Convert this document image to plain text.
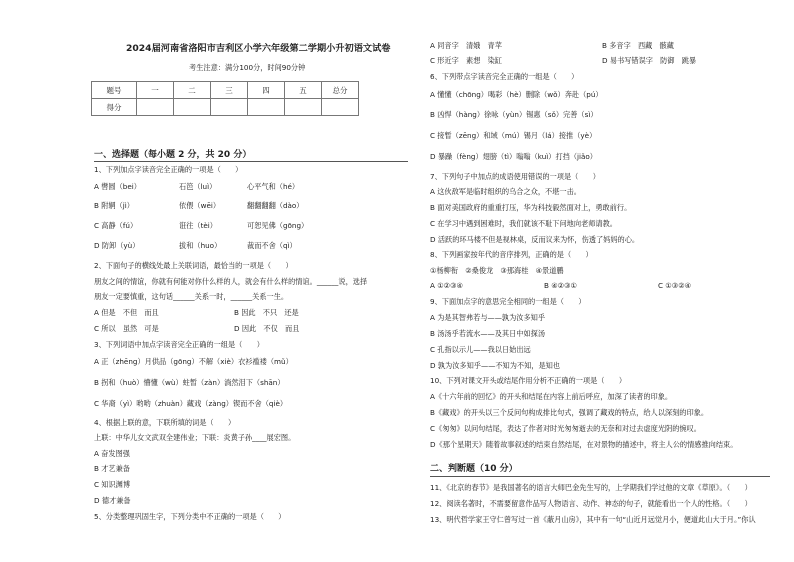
2024届河南省洛阳市吉利区小学六年级第二学期小升初语文试卷
考生注意：满分100分，时间90分钟
一、选择题（每小题 2 分，共 20 分）
1、下列加点字读音完全正确的一项是（　　）
A 辔圆（bei）	石笆（luì）	心平气和（hé）
B 附辋（jì）	依偎（wēi）	翻翻翻翻（dào）
C 高静（fú）	诳往（tèi）	可恕见佛（gōng）
D 防卸（yù）	拔和（huo）	裁而不舍（qì）
2、下面句子的横线处最上关联词语，最恰当的一项是（　　）
朋友之间的情谊，你就有何能对你什么样的人，就会有什么样的情谊。______说，选择
朋友一定要慎重，这句话______关系一时，______关系一生。
A 但是　不但　而且	B 因此　不只　还是
C 所以　虽然　可是	D 因此　不仅　而且
3、下列词语中加点字读音完全正确的一组是（　　）
A 正（zhēng）月供品（gōng）不解（xiè）衣衫褴褛（mǔ）
B 拐和（huò）懵懂（wù）蛀暂（zàn）淌然泪下（shān）
C 华裔（yì）哟哟（zhuàn）藏戏（zàng）锲而不舍（qiè）
4、根据上联的意，下联所填的词是（　　）
上联：中华儿女文武双全建伟业；下联：炎黄子孙____展宏图。
A 奋发图强
B 才艺兼备
C 知识渊博
D 德才兼备
5、分类整理巩固生字，下列分类中不正确的一项是（　　）
题号	一	二	三	四	五	总分
得分						
A 同音字　清娥　青苹	B 多音字　西藏　骸藏
C 形近字　素想　染缸	D 易书写错误字　防御　跳暴
6、下列带点字读音完全正确的一组是（　　）
A 懂懂（chōng）喝彩（hè）删除（wǒ）奔赴（pú）
B 凶悍（hàng）徐咏（yùn）锡惠（sǒ）完善（sì）
C 接暂（zēng）和域（mú）锡月（lá）接推（yè）
D 暴躁（fèng）翅膀（tì）嗡嗡（kuì）打挡（jiǎo）
7、下列句子中加点的成语使用错误的一项是（　　）
A 这伙敌军是临时组织的乌合之众，不堪一击。
B 面对美国政府的重重打压，华为科技毅然面对上，勇敢前行。
C 在学习中遇到困难时，我们就该不耻下问地向老师请教。
D 活跃的环马楼不但是视林桌，反而议来为怀，伤透了妈妈的心。
8、下列画家按年代的音序排列，正确的是（　　）
①杨柳衔　②桑俊龙　③那海桂　④景道鹏
A ①②③④	B ④②③①	C ①③②④
9、下面加点字的意思完全相同的一组是（　　）
A 为是其智弗若与——孰为汝多知乎
B 汤汤乎若流水——及其日中如探汤
C 孔指以示儿——我以日始出远
D 孰为汝多知乎——不知为不知，是知也
10、下列对课文开头或结尾作用分析不正确的一项是（　　）
A《十六年前的回忆》的开头和结尾在内容上前后呼应，加深了读者的印象。
B《藏戏》的开头以三个反问句构成排比句式，强调了藏戏的特点，给人以深刻的印象。
C《匆匆》以问句结尾，表达了作者对时光匆匆逝去的无奈和对过去虚度光阴的惋叹。
D《那个星期天》随着故事叙述的结束自然结尾，在对景物的描述中，将主人公的情感推向结束。
二、判断题（10 分）
11、《北京的春节》是我国著名的语言大师巴金先生写的，上学期我们学过他的文章《草原》。（　　）
12、阅读名著时，不需要留意作品写人物语言、动作、神态的句子，就能看出一个人的性格。（　　）
13、明代哲学家王守仁曾写过一首《蔽月山房》，其中有一句“山近月远觉月小，便道此山大于月。”你认
